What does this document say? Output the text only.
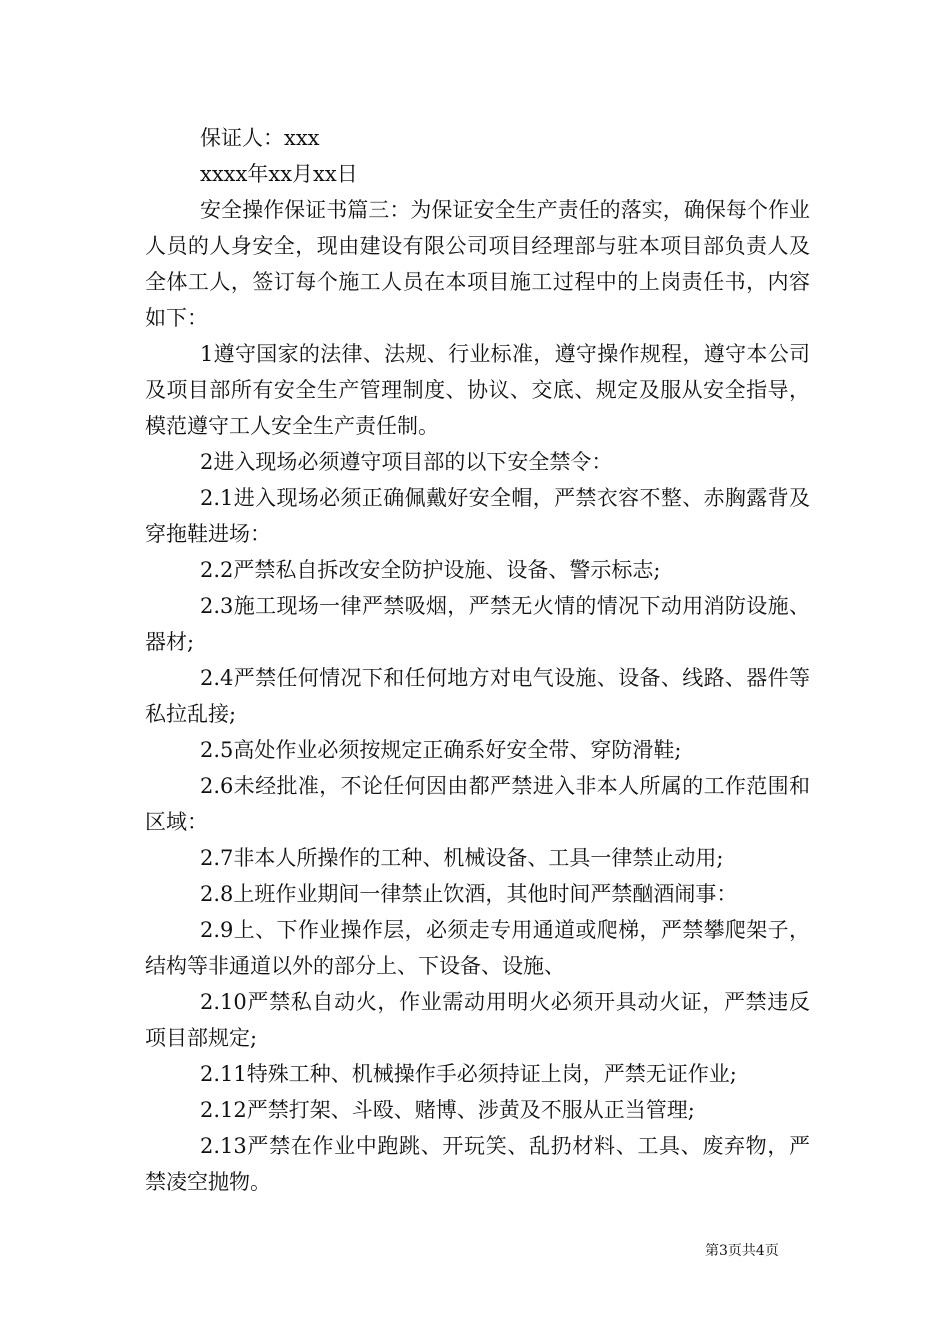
保证人：xxx

xxxx年xx月xx日

安全操作保证书篇三：为保证安全生产责任的落实，确保每个作业人员的人身安全，现由建设有限公司项目经理部与驻本项目部负责人及全体工人，签订每个施工人员在本项目施工过程中的上岗责任书，内容如下：

1遵守国家的法律、法规、行业标准，遵守操作规程，遵守本公司及项目部所有安全生产管理制度、协议、交底、规定及服从安全指导，模范遵守工人安全生产责任制。

2进入现场必须遵守项目部的以下安全禁令：

2.1进入现场必须正确佩戴好安全帽，严禁衣容不整、赤胸露背及穿拖鞋进场：

2.2严禁私自拆改安全防护设施、设备、警示标志;

2.3施工现场一律严禁吸烟，严禁无火情的情况下动用消防设施、器材;

2.4严禁任何情况下和任何地方对电气设施、设备、线路、器件等私拉乱接;

2.5高处作业必须按规定正确系好安全带、穿防滑鞋;

2.6未经批准，不论任何因由都严禁进入非本人所属的工作范围和区域：

2.7非本人所操作的工种、机械设备、工具一律禁止动用;

2.8上班作业期间一律禁止饮酒，其他时间严禁酗酒闹事：

2.9上、下作业操作层，必须走专用通道或爬梯，严禁攀爬架子，结构等非通道以外的部分上、下设备、设施、

2.10严禁私自动火，作业需动用明火必须开具动火证，严禁违反项目部规定;

2.11特殊工种、机械操作手必须持证上岗，严禁无证作业;

2.12严禁打架、斗殴、赌博、涉黄及不服从正当管理;

2.13严禁在作业中跑跳、开玩笑、乱扔材料、工具、废弃物，严禁凌空抛物。

第3页共4页
